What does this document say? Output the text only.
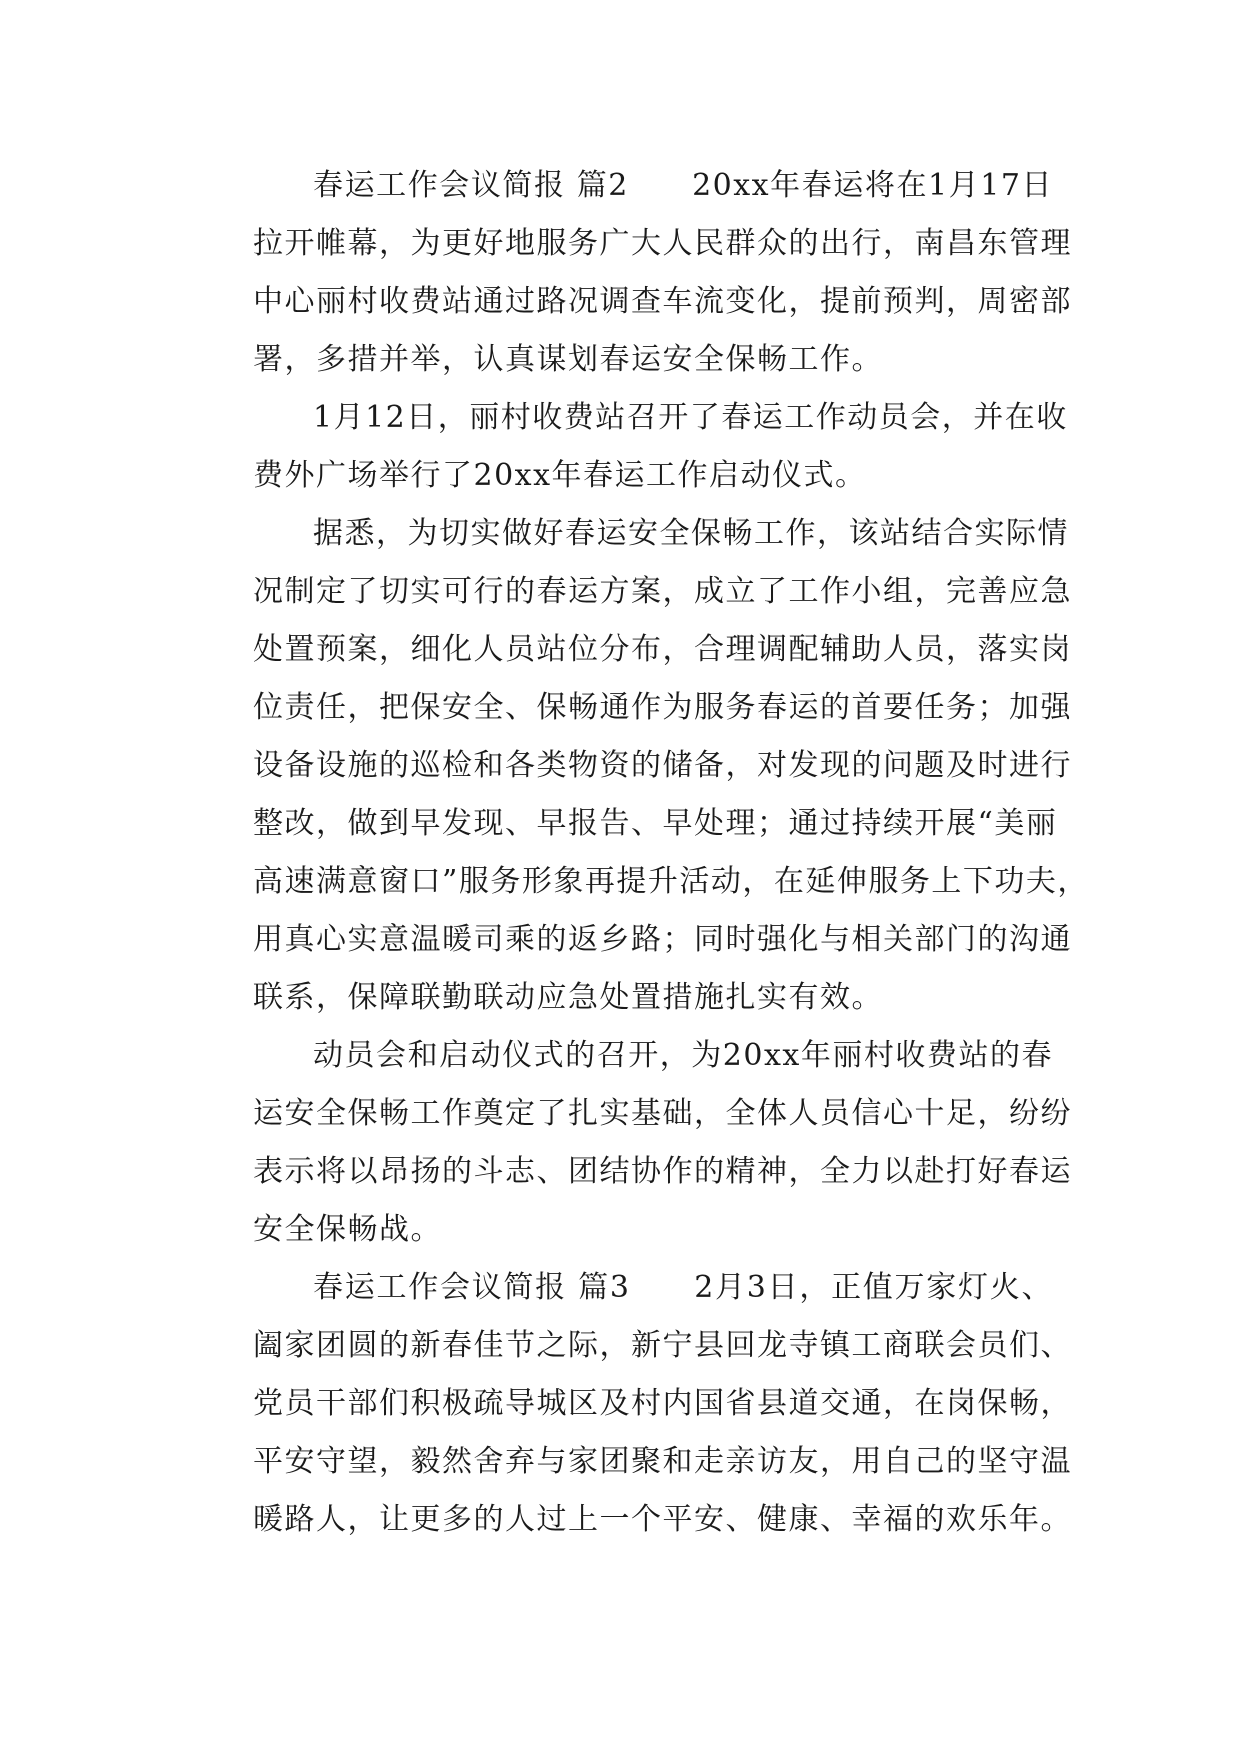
春运工作会议简报 篇2　　20xx年春运将在1月17日
拉开帷幕，为更好地服务广大人民群众的出行，南昌东管理
中心丽村收费站通过路况调查车流变化，提前预判，周密部
署，多措并举，认真谋划春运安全保畅工作。
1月12日，丽村收费站召开了春运工作动员会，并在收
费外广场举行了20xx年春运工作启动仪式。
据悉，为切实做好春运安全保畅工作，该站结合实际情
况制定了切实可行的春运方案，成立了工作小组，完善应急
处置预案，细化人员站位分布，合理调配辅助人员，落实岗
位责任，把保安全、保畅通作为服务春运的首要任务；加强
设备设施的巡检和各类物资的储备，对发现的问题及时进行
整改，做到早发现、早报告、早处理；通过持续开展“美丽
高速满意窗口”服务形象再提升活动，在延伸服务上下功夫，
用真心实意温暖司乘的返乡路；同时强化与相关部门的沟通
联系，保障联勤联动应急处置措施扎实有效。
动员会和启动仪式的召开，为20xx年丽村收费站的春
运安全保畅工作奠定了扎实基础，全体人员信心十足，纷纷
表示将以昂扬的斗志、团结协作的精神，全力以赴打好春运
安全保畅战。
春运工作会议简报 篇3　　2月3日，正值万家灯火、
阖家团圆的新春佳节之际，新宁县回龙寺镇工商联会员们、
党员干部们积极疏导城区及村内国省县道交通，在岗保畅，
平安守望，毅然舍弃与家团聚和走亲访友，用自己的坚守温
暖路人，让更多的人过上一个平安、健康、幸福的欢乐年。
